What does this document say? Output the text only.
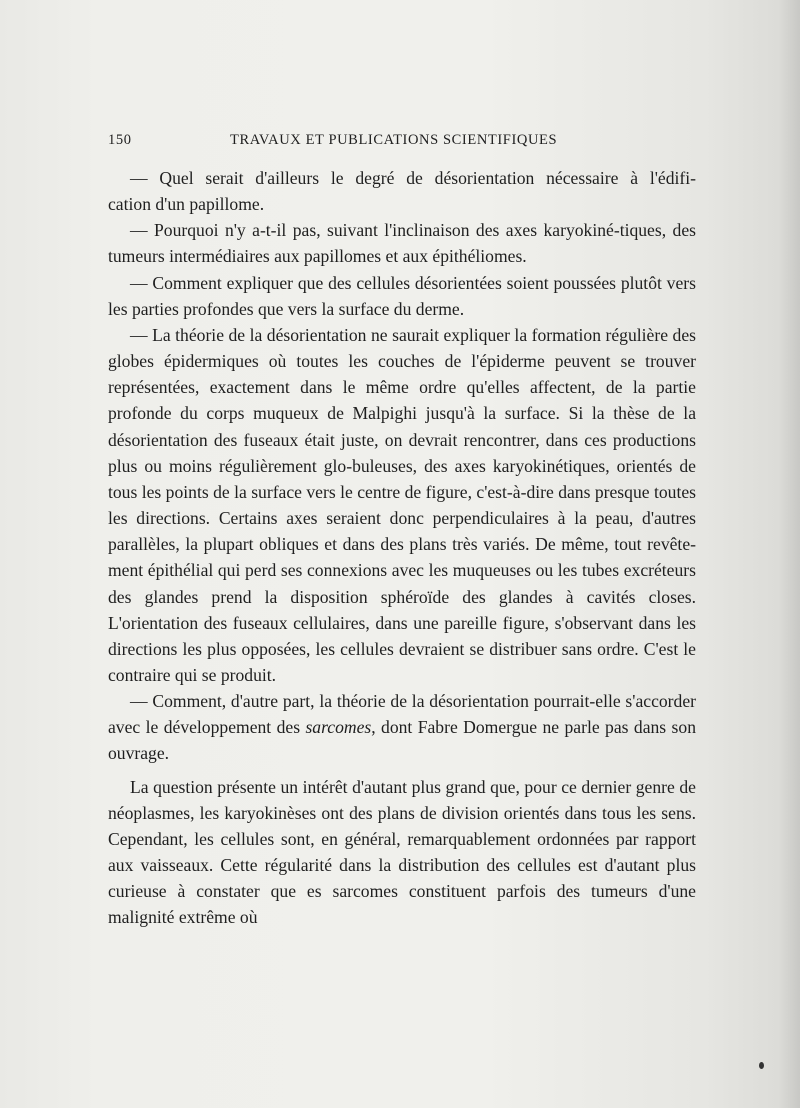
150	TRAVAUX ET PUBLICATIONS SCIENTIFIQUES

— Quel serait d'ailleurs le degré de désorientation nécessaire à l'édifi-

cation d'un papillome.

— Pourquoi n'y a-t-il pas, suivant l'inclinaison des axes karyokiné-tiques, des tumeurs intermédiaires aux papillomes et aux épithéliomes.

— Comment expliquer que des cellules désorientées soient poussées plutôt vers les parties profondes que vers la surface du derme.

— La théorie de la désorientation ne saurait expliquer la formation régulière des globes épidermiques où toutes les couches de l'épiderme peuvent se trouver représentées, exactement dans le même ordre qu'elles affectent, de la partie profonde du corps muqueux de Malpighi jusqu'à la surface. Si la thèse de la désorientation des fuseaux était juste, on devrait rencontrer, dans ces productions plus ou moins régulièrement glo-buleuses, des axes karyokinétiques, orientés de tous les points de la surface vers le centre de figure, c'est-à-dire dans presque toutes les directions. Certains axes seraient donc perpendiculaires à la peau, d'autres parallèles, la plupart obliques et dans des plans très variés. De même, tout revête-ment épithélial qui perd ses connexions avec les muqueuses ou les tubes excréteurs des glandes prend la disposition sphéroïde des glandes à cavités closes. L'orientation des fuseaux cellulaires, dans une pareille figure, s'observant dans les directions les plus opposées, les cellules devraient se distribuer sans ordre. C'est le contraire qui se produit.

— Comment, d'autre part, la théorie de la désorientation pourrait-elle s'accorder avec le développement des sarcomes, dont Fabre Domergue ne parle pas dans son ouvrage.

La question présente un intérêt d'autant plus grand que, pour ce dernier genre de néoplasmes, les karyokinèses ont des plans de division orientés dans tous les sens. Cependant, les cellules sont, en général, remarquablement ordonnées par rapport aux vaisseaux. Cette régularité dans la distribution des cellules est d'autant plus curieuse à constater que es sarcomes constituent parfois des tumeurs d'une malignité extrême où
